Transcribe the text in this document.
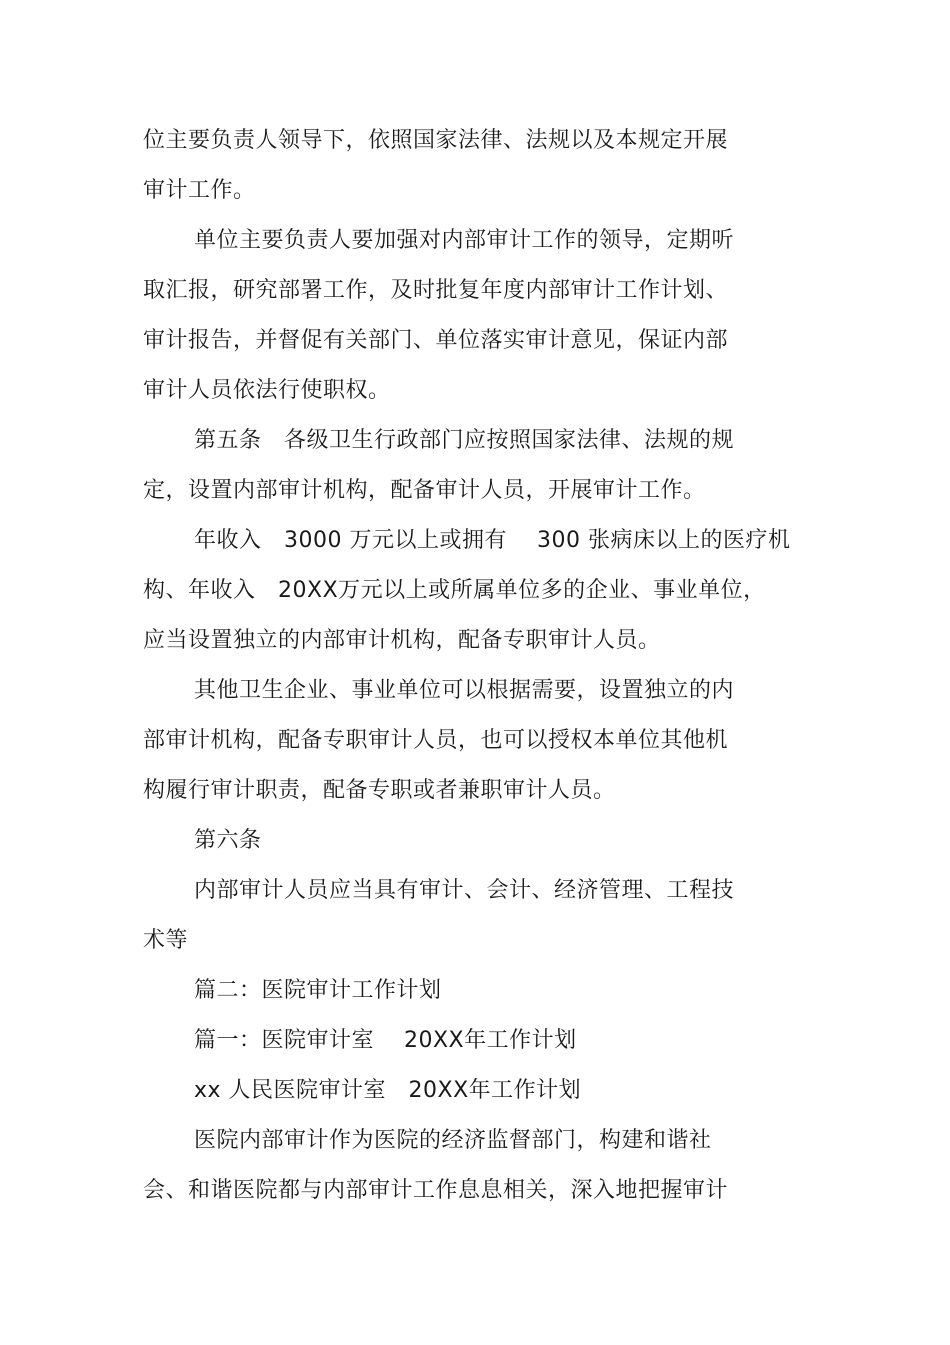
位主要负责人领导下，依照国家法律、法规以及本规定开展
审计工作。
单位主要负责人要加强对内部审计工作的领导，定期听
取汇报，研究部署工作，及时批复年度内部审计工作计划、
审计报告，并督促有关部门、单位落实审计意见，保证内部
审计人员依法行使职权。
第五条　各级卫生行政部门应按照国家法律、法规的规
定，设置内部审计机构，配备审计人员，开展审计工作。
年收入　3000 万元以上或拥有　 300 张病床以上的医疗机
构、年收入　20XX万元以上或所属单位多的企业、事业单位，
应当设置独立的内部审计机构，配备专职审计人员。
其他卫生企业、事业单位可以根据需要，设置独立的内
部审计机构，配备专职审计人员，也可以授权本单位其他机
构履行审计职责，配备专职或者兼职审计人员。
第六条
内部审计人员应当具有审计、会计、经济管理、工程技
术等
篇二：医院审计工作计划
篇一：医院审计室　 20XX年工作计划
xx 人民医院审计室　20XX年工作计划
医院内部审计作为医院的经济监督部门，构建和谐社
会、和谐医院都与内部审计工作息息相关，深入地把握审计
